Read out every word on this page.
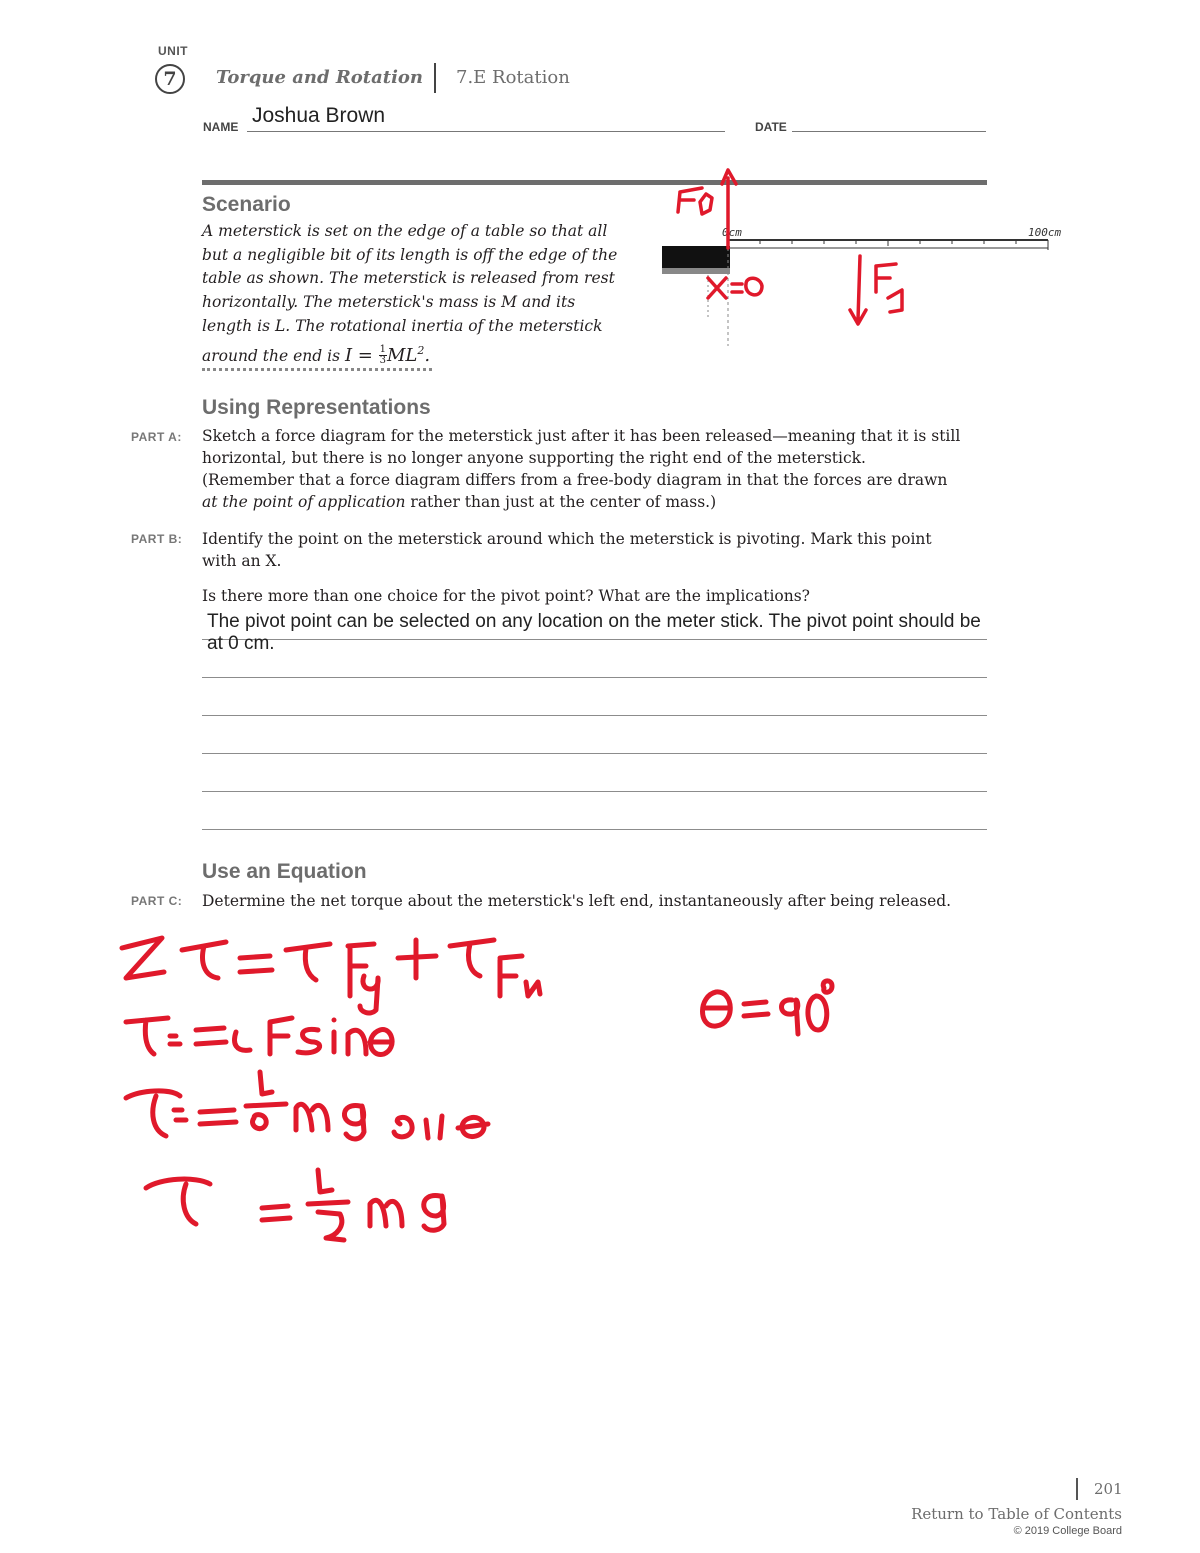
UNIT
7	Torque and Rotation 7.E Rotation
NAME Joshua Brown	DATE
Scenario
A meterstick is set on the edge of a table so that all but a negligible bit of its length is off the edge of the table as shown. The meterstick is released from rest horizontally. The meterstick's mass is M and its length is L. The rotational inertia of the meterstick around the end is $I = \frac{1}{3} ML^2$.
0cm	100cm
Using Representations
PART A: Sketch a force diagram for the meterstick just after it has been released—meaning that it is still horizontal, but there is no longer anyone supporting the right end of the meterstick. (Remember that a force diagram differs from a free-body diagram in that the forces are drawn at the point of application rather than just at the center of mass.)
PART B: Identify the point on the meterstick around which the meterstick is pivoting. Mark this point with an X.
Is there more than one choice for the pivot point? What are the implications?
The pivot point can be selected on any location on the meter stick. The pivot point should be at 0 cm.
Use an Equation
PART C: Determine the net torque about the meterstick's left end, instantaneously after being released.
201
Return to Table of Contents
© 2019 College Board
